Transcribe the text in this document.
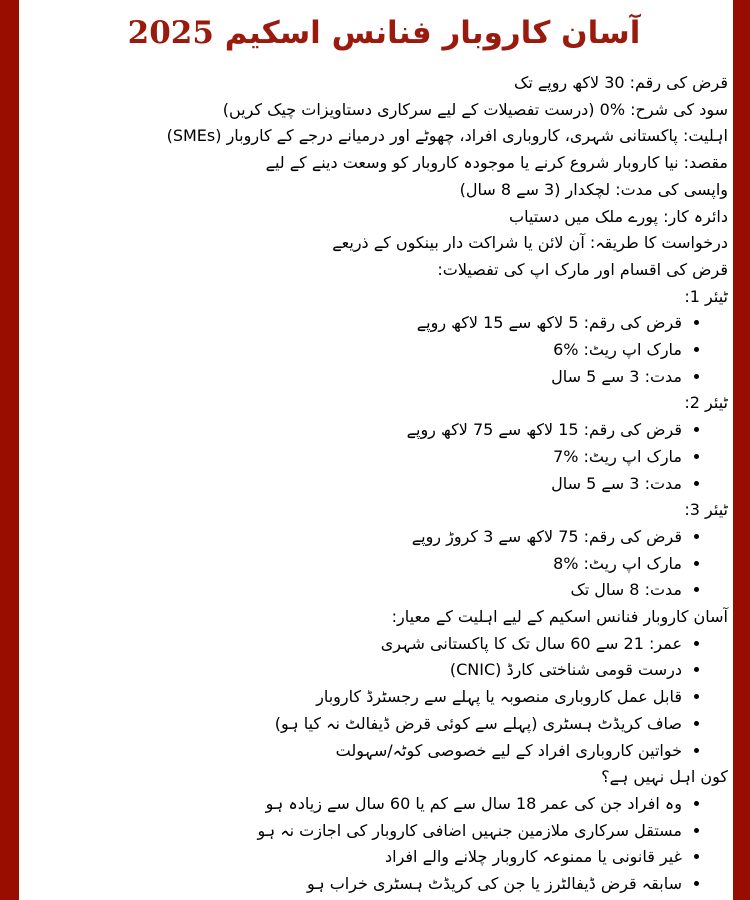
آسان کاروبار فنانس اسکیم 2025

قرض کی رقم: 30 لاکھ روپے تک

سود کی شرح: %0 (درست تفصیلات کے لیے سرکاری دستاویزات چیک کریں)

اہلیت: پاکستانی شہری، کاروباری افراد، چھوٹے اور درمیانے درجے کے کاروبار (SMEs)

مقصد: نیا کاروبار شروع کرنے یا موجودہ کاروبار کو وسعت دینے کے لیے

واپسی کی مدت: لچکدار (3 سے 8 سال)

دائرہ کار: پورے ملک میں دستیاب

درخواست کا طریقہ: آن لائن یا شراکت دار بینکوں کے ذریعے

قرض کی اقسام اور مارک اپ کی تفصیلات:

ٹیئر 1:

• قرض کی رقم: 5 لاکھ سے 15 لاکھ روپے
• مارک اپ ریٹ: %6
• مدت: 3 سے 5 سال

ٹیئر 2:

• قرض کی رقم: 15 لاکھ سے 75 لاکھ روپے
• مارک اپ ریٹ: %7
• مدت: 3 سے 5 سال

ٹیئر 3:

• قرض کی رقم: 75 لاکھ سے 3 کروڑ روپے
• مارک اپ ریٹ: %8
• مدت: 8 سال تک

آسان کاروبار فنانس اسکیم کے لیے اہلیت کے معیار:

• عمر: 21 سے 60 سال تک کا پاکستانی شہری
• درست قومی شناختی کارڈ (CNIC)
• قابل عمل کاروباری منصوبہ یا پہلے سے رجسٹرڈ کاروبار
• صاف کریڈٹ ہسٹری (پہلے سے کوئی قرض ڈیفالٹ نہ کیا ہو)
• خواتین کاروباری افراد کے لیے خصوصی کوٹہ/سہولت

کون اہل نہیں ہے؟

• وہ افراد جن کی عمر 18 سال سے کم یا 60 سال سے زیادہ ہو
• مستقل سرکاری ملازمین جنہیں اضافی کاروبار کی اجازت نہ ہو
• غیر قانونی یا ممنوعہ کاروبار چلانے والے افراد
• سابقہ قرض ڈیفالٹرز یا جن کی کریڈٹ ہسٹری خراب ہو
